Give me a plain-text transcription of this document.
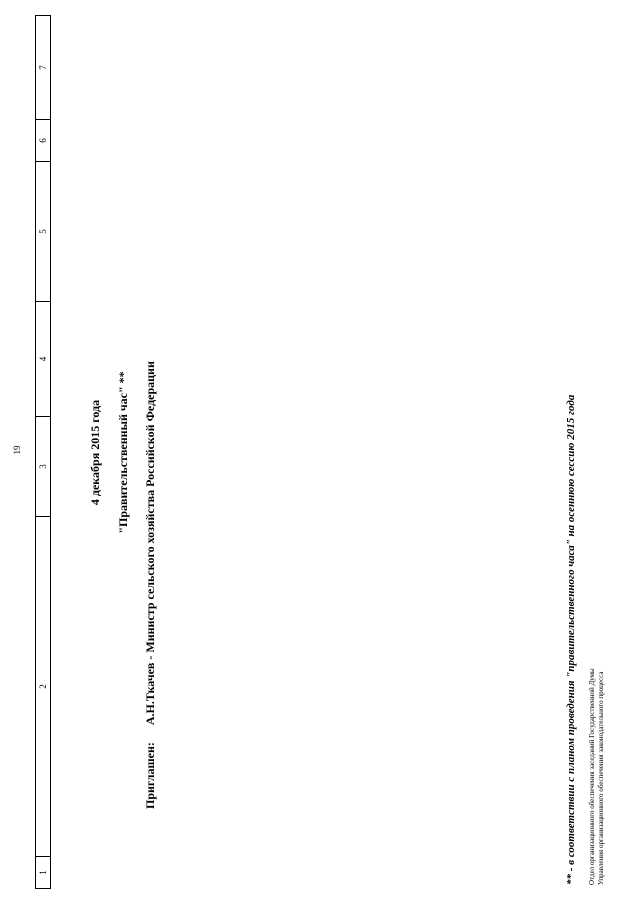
19
1	2	3	4	5	6	7
4 декабря 2015 года "Правительственный час" **
Приглашен: А.Н.Ткачев - Министр сельского хозяйства Российской Федерации	** - в соответствии с планом проведения "правительственного часа" на осеннюю сессию 2015 года Отдел организационного обеспечения заседаний Государственной Думы Управления организационного обеспечения законодательного процесса
